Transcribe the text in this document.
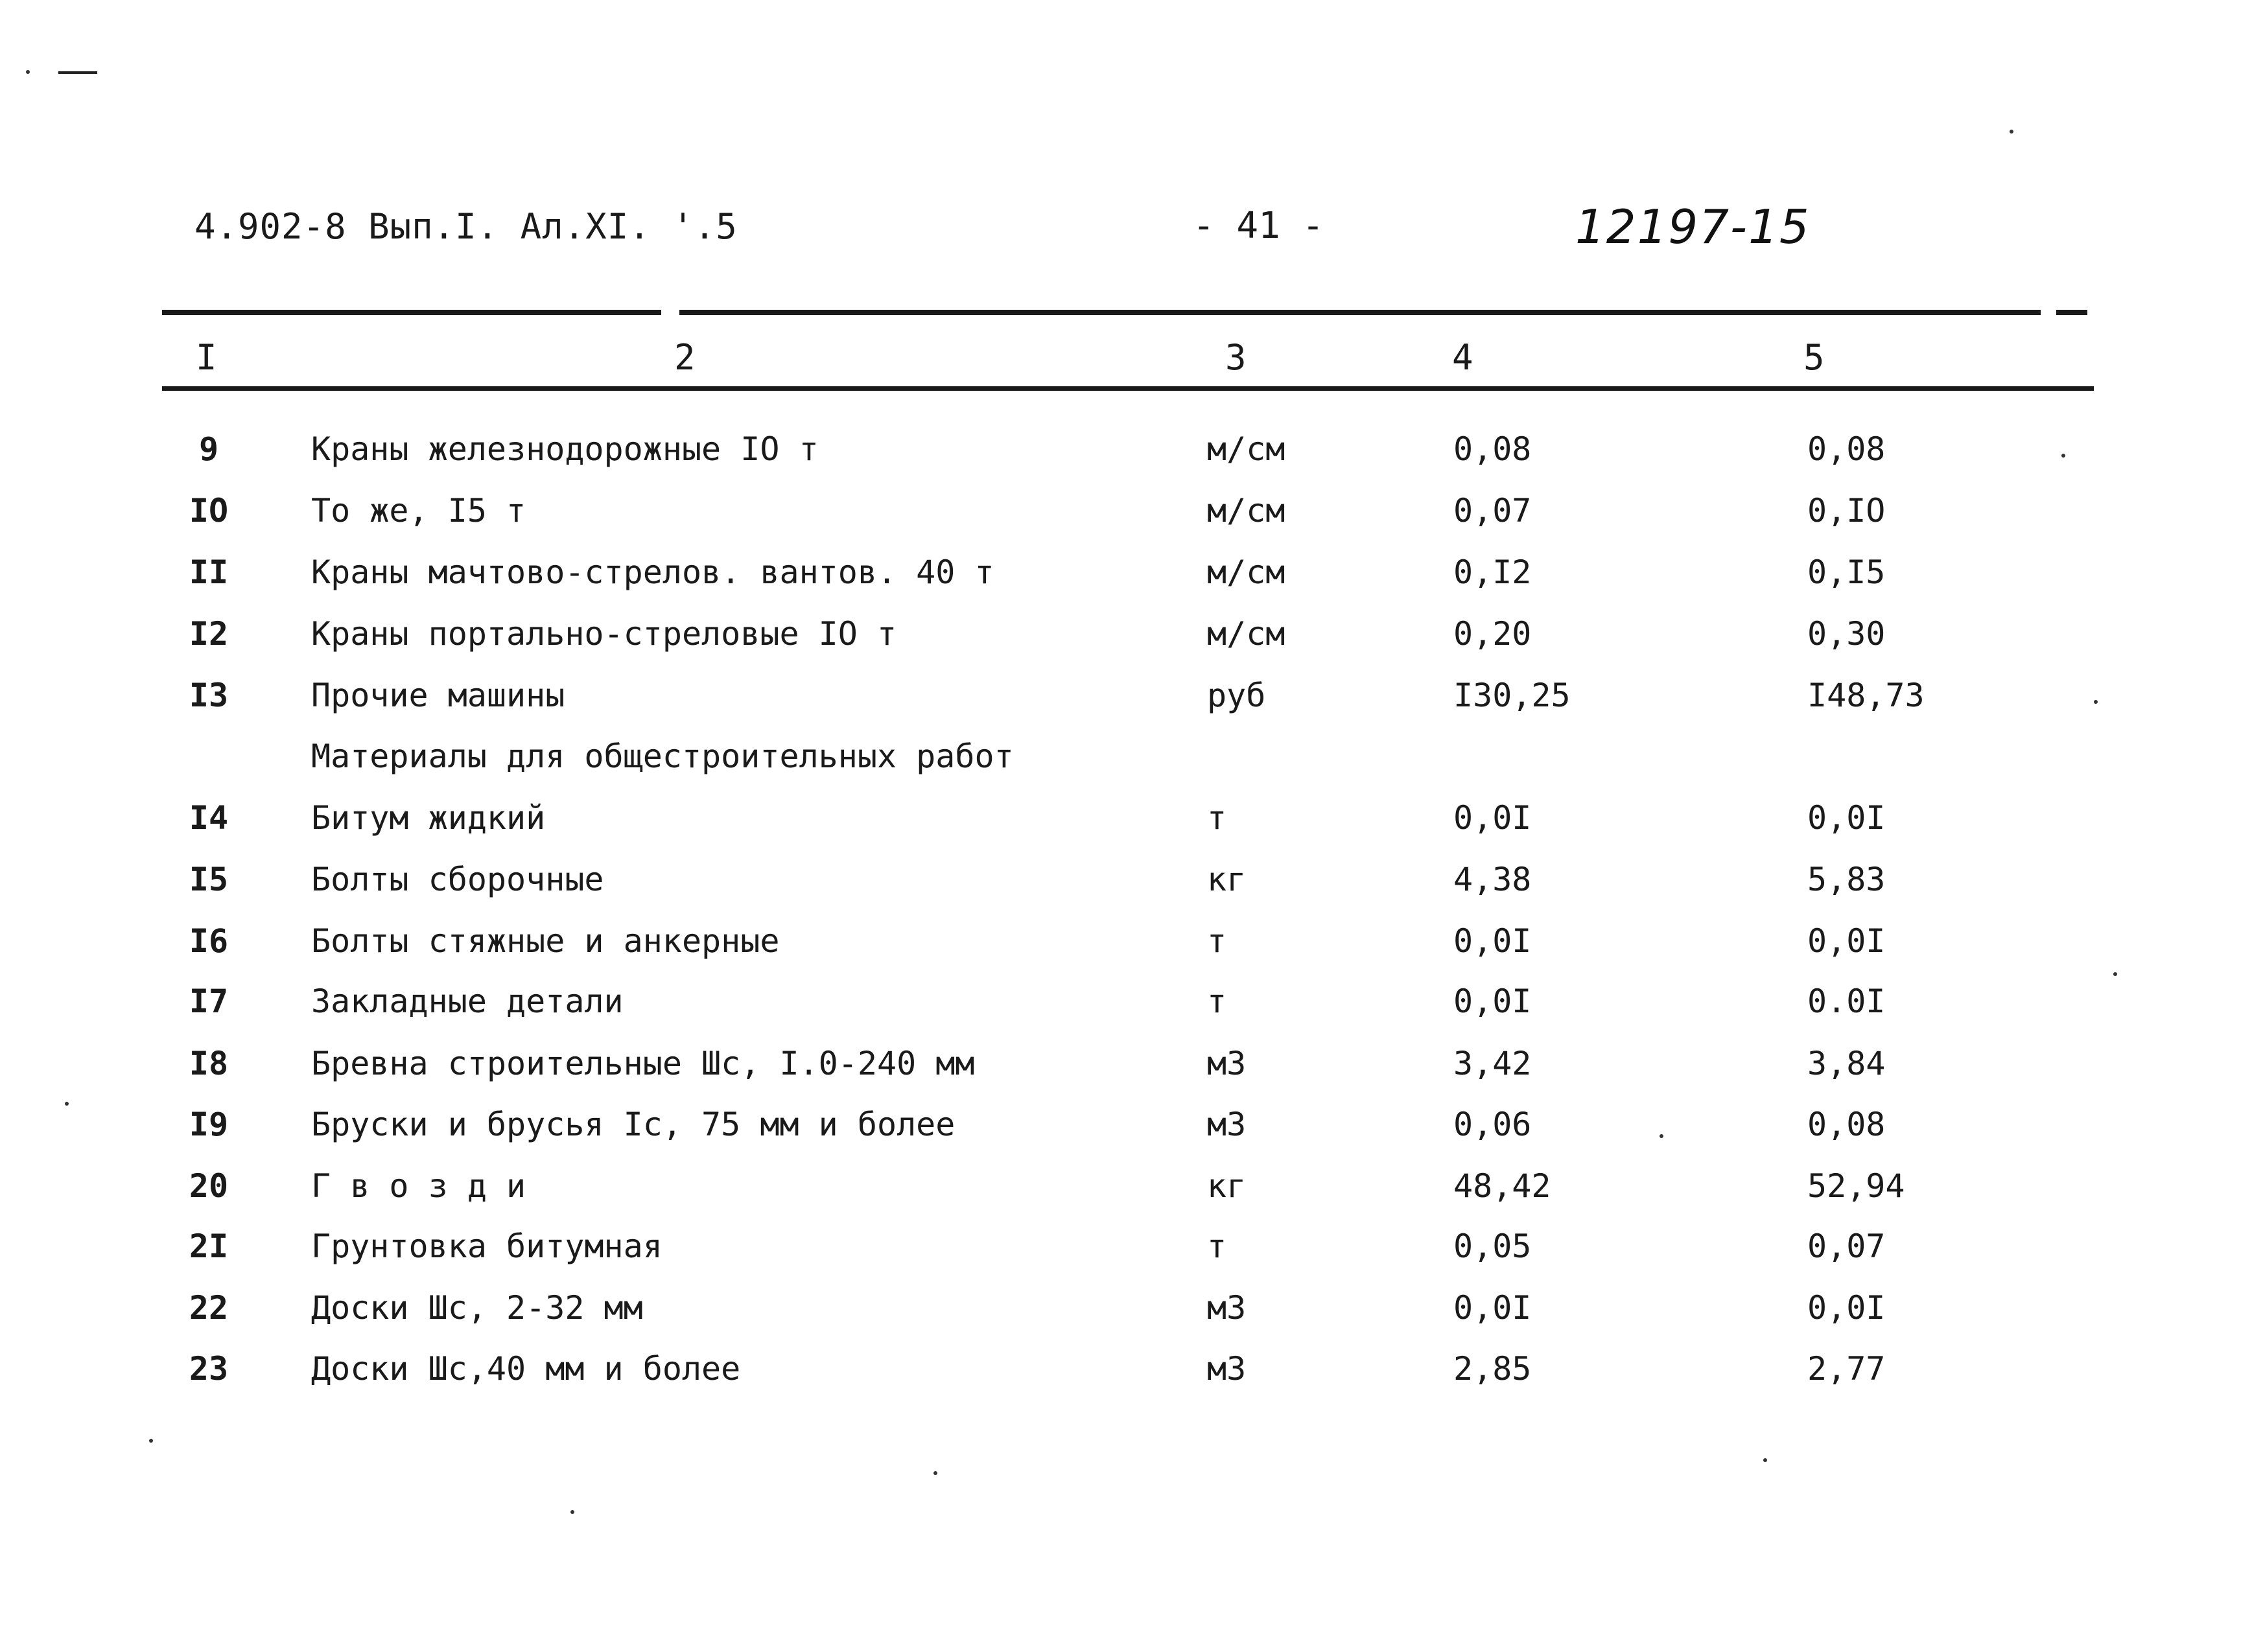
4.902-8 Вып.I. Ал.XI. '.5	- 41 -	12197-15
I	2	3	4	5
9	Краны железнодорожные IO т	м/см	0,08	0,08
IO	То же, I5 т	м/см	0,07	0,IO
II	Краны мачтово-стрелов. вантов. 40 т	м/см	0,I2	0,I5
I2	Краны портально-стреловые IO т	м/см	0,20	0,30
I3	Прочие машины	руб	I30,25	I48,73
Материалы для общестроительных работ
I4	Битум жидкий	т	0,0I	0,0I
I5	Болты сборочные	кг	4,38	5,83
I6	Болты стяжные и анкерные	т	0,0I	0,0I
I7	Закладные детали	т	0,0I	0.0I
I8	Бревна строительные Шс, I.0-240 мм	м3	3,42	3,84
I9	Бруски и брусья Iс, 75 мм и более	м3	0,06	0,08
20	Г в о з д и	кг	48,42	52,94
2I	Грунтовка битумная	т	0,05	0,07
22	Доски Шс, 2-32 мм	м3	0,0I	0,0I
23	Доски Шс,40 мм и более	м3	2,85	2,77
